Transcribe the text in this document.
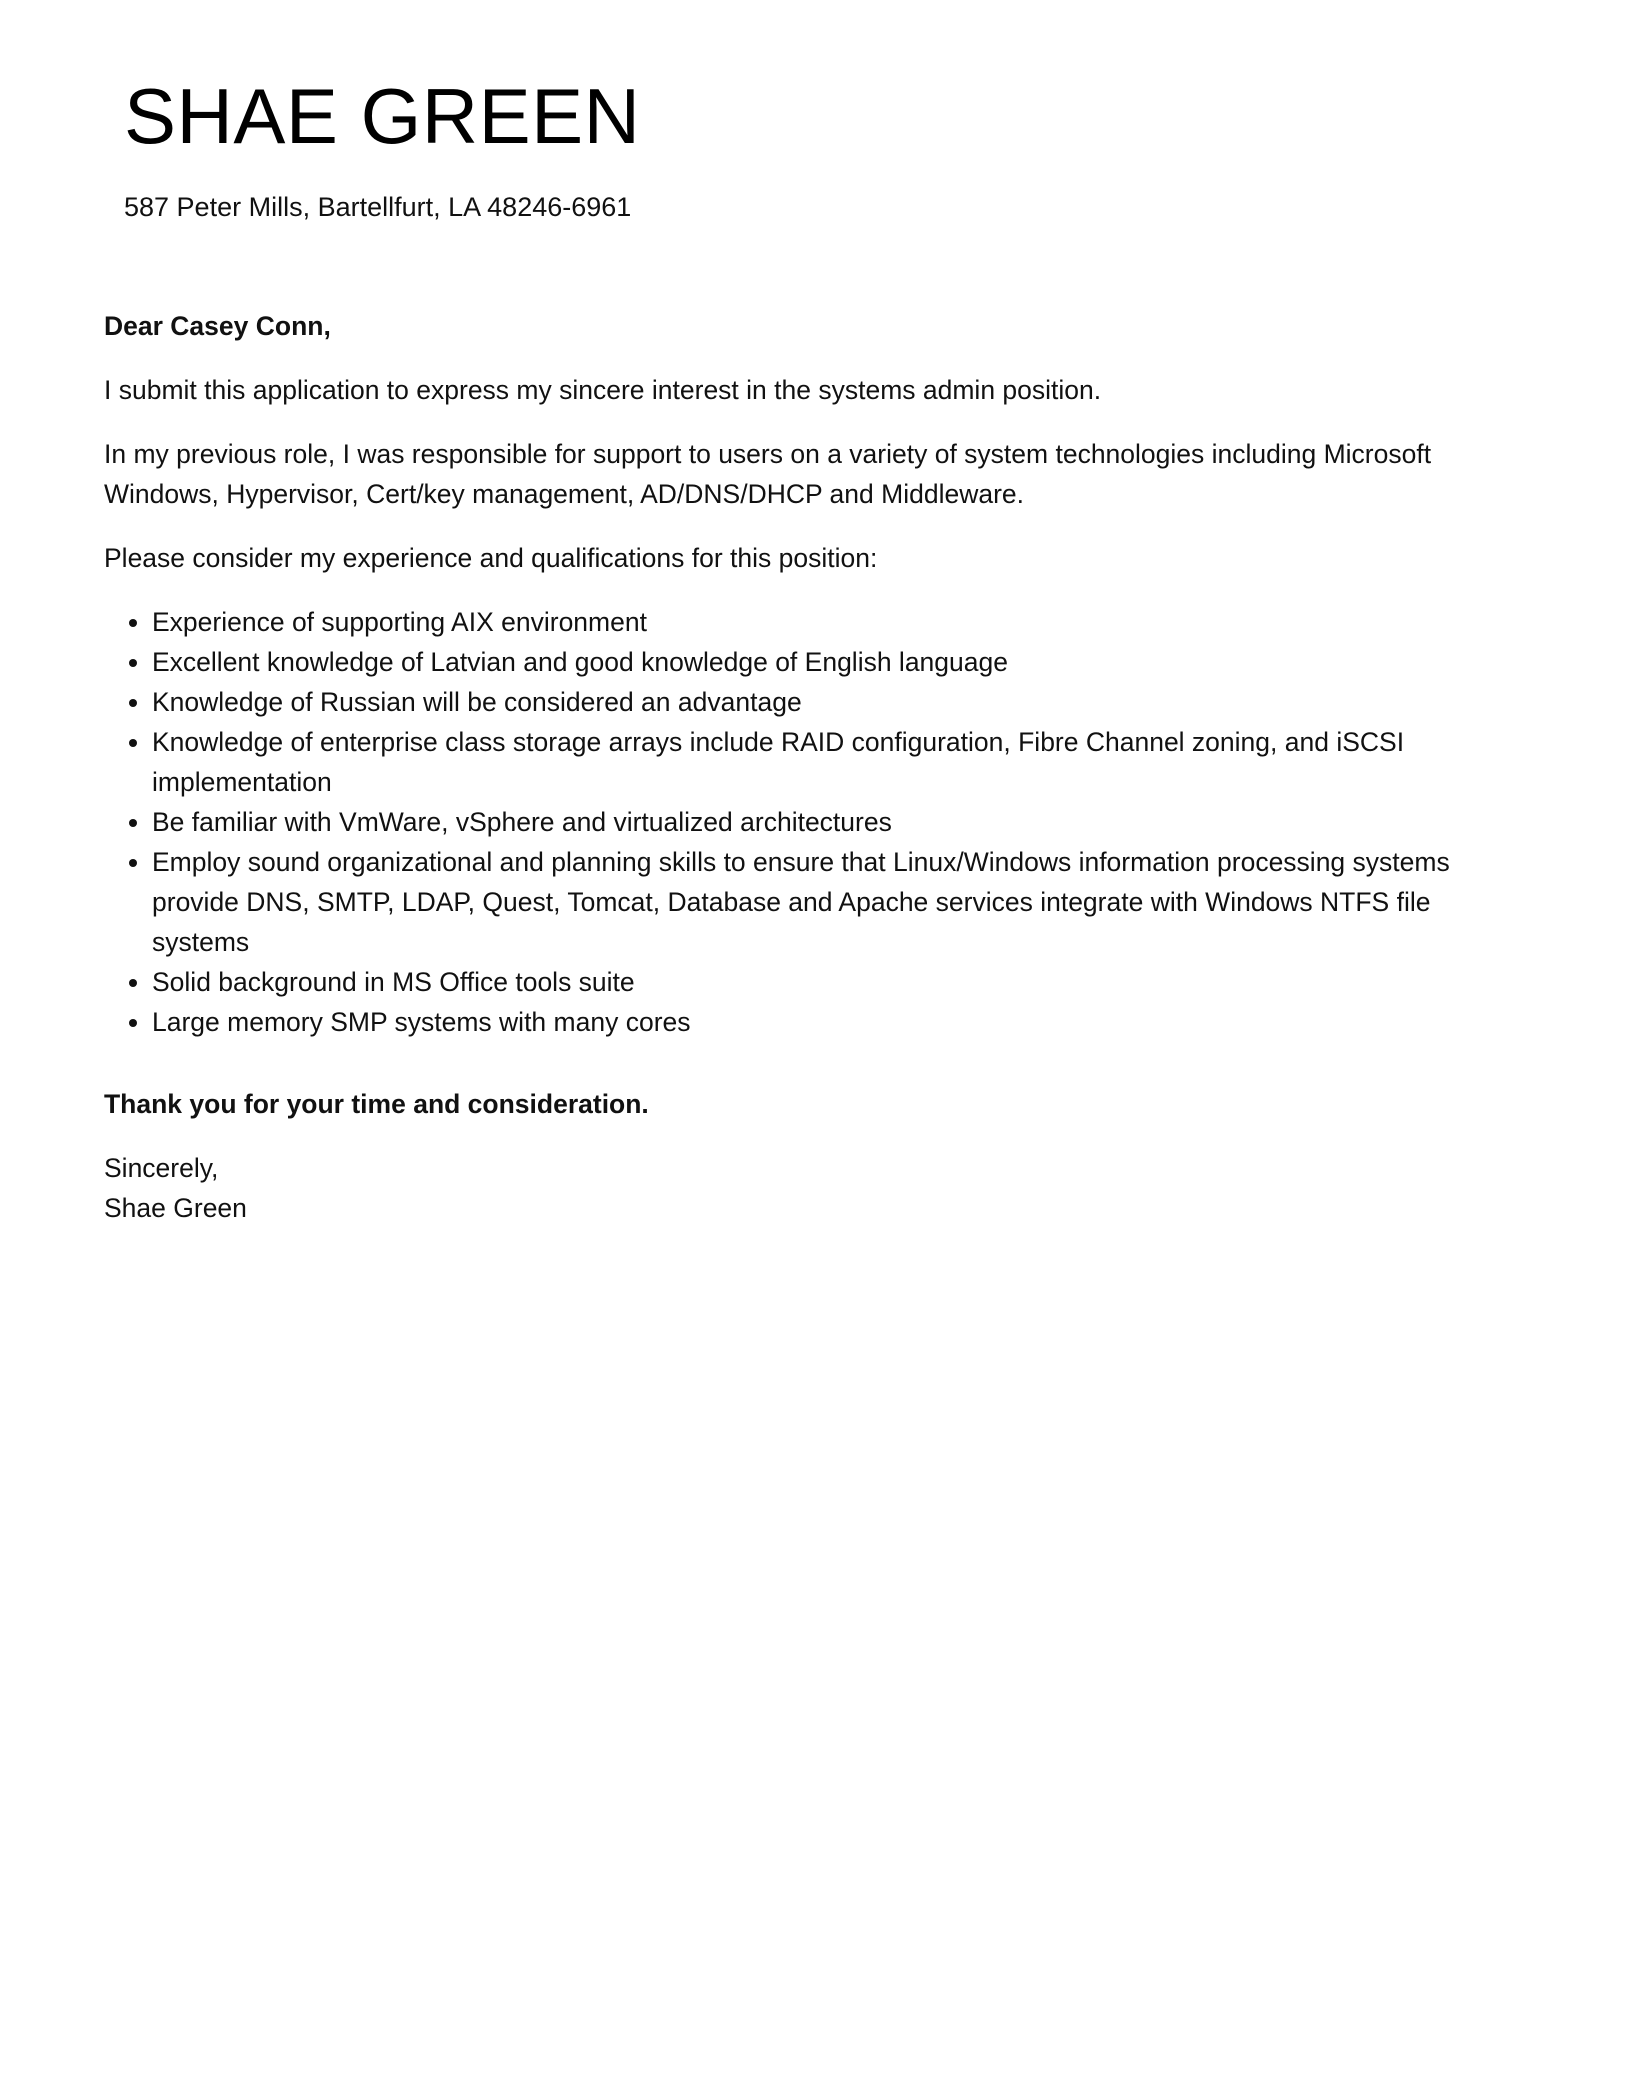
SHAE GREEN
587 Peter Mills, Bartellfurt, LA 48246-6961

Dear Casey Conn,

I submit this application to express my sincere interest in the systems admin position.

In my previous role, I was responsible for support to users on a variety of system technologies including Microsoft Windows, Hypervisor, Cert/key management, AD/DNS/DHCP and Middleware.

Please consider my experience and qualifications for this position:

Experience of supporting AIX environment
Excellent knowledge of Latvian and good knowledge of English language
Knowledge of Russian will be considered an advantage
Knowledge of enterprise class storage arrays include RAID configuration, Fibre Channel zoning, and iSCSI implementation
Be familiar with VmWare, vSphere and virtualized architectures
Employ sound organizational and planning skills to ensure that Linux/Windows information processing systems provide DNS, SMTP, LDAP, Quest, Tomcat, Database and Apache services integrate with Windows NTFS file systems
Solid background in MS Office tools suite
Large memory SMP systems with many cores

Thank you for your time and consideration.

Sincerely,
Shae Green
